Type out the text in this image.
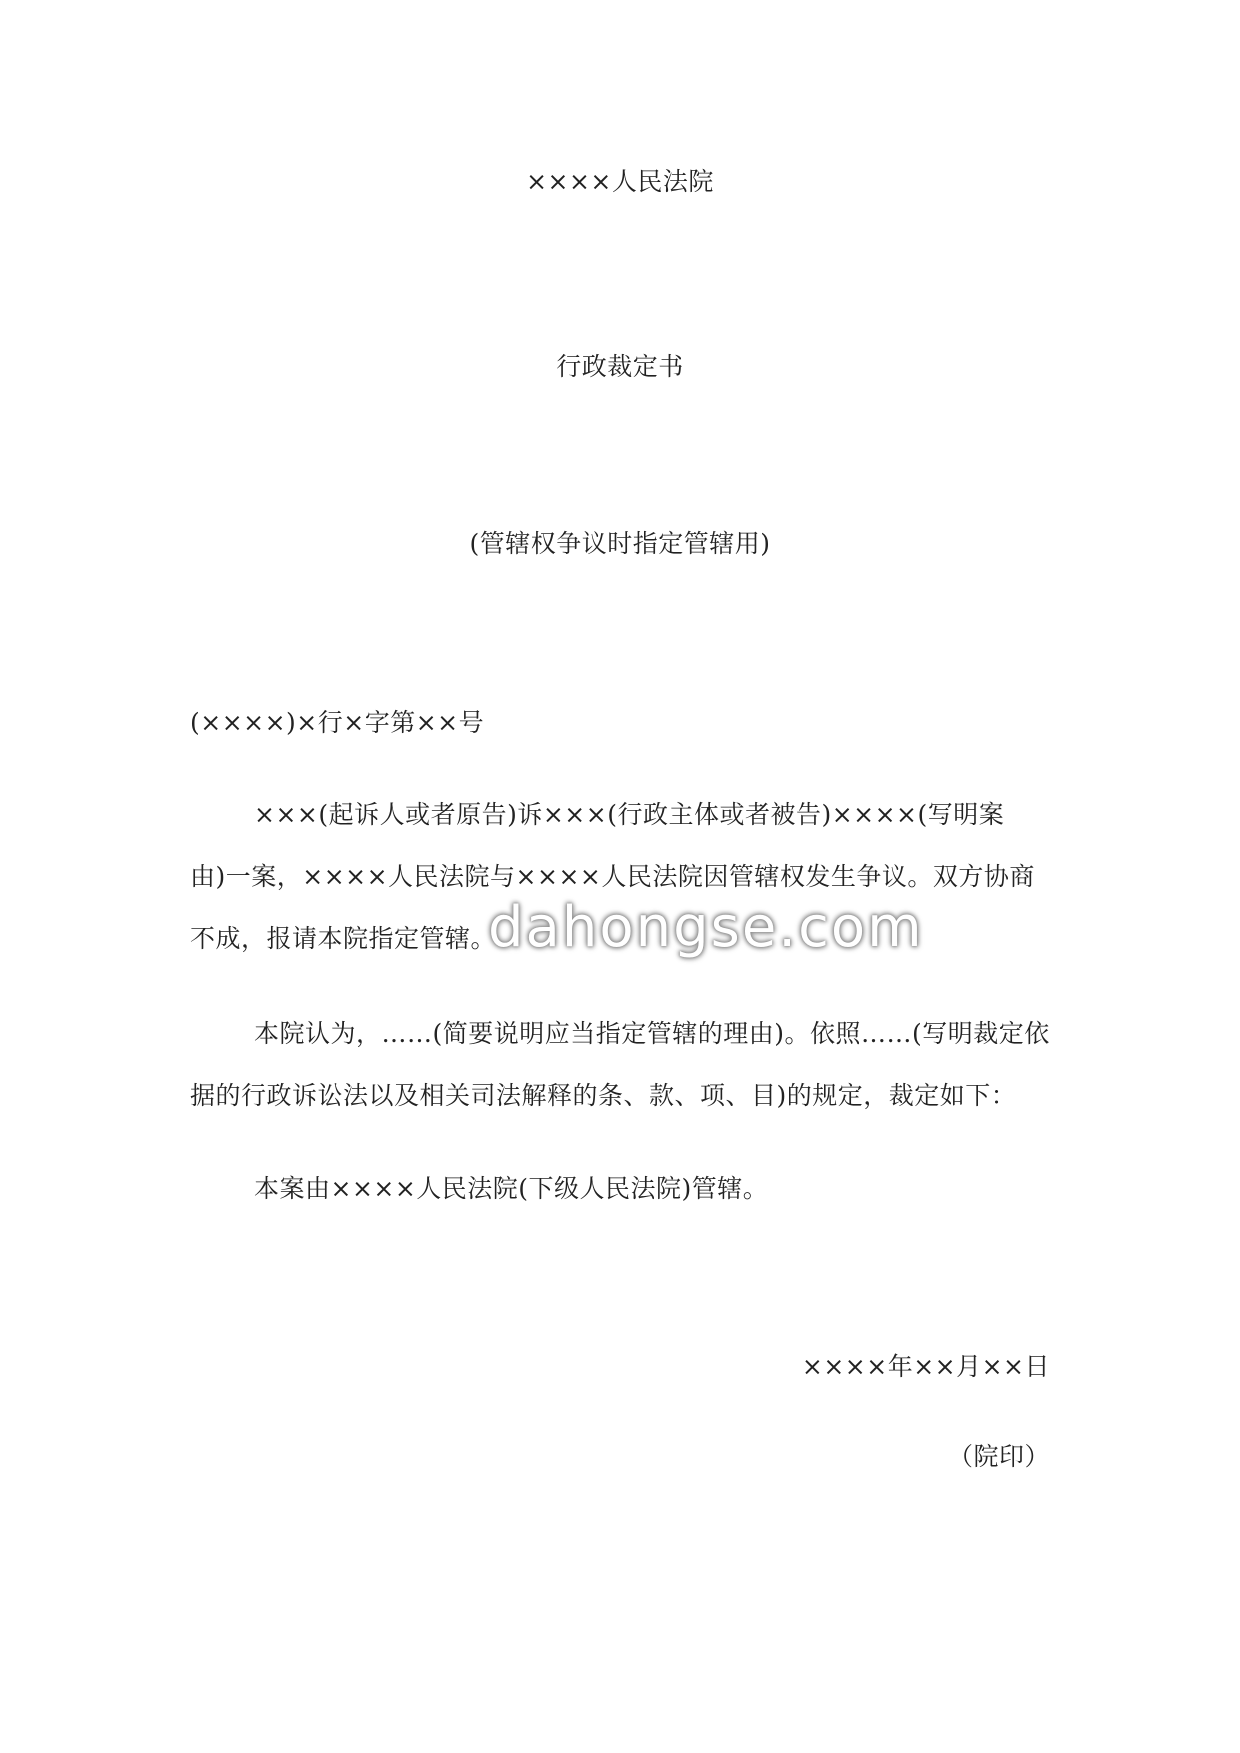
××××人民法院
行政裁定书
(管辖权争议时指定管辖用)
(××××)×行×字第××号
×××(起诉人或者原告)诉×××(行政主体或者被告)××××(写明案
由)一案，××××人民法院与××××人民法院因管辖权发生争议。双方协商
不成，报请本院指定管辖。
本院认为，……(简要说明应当指定管辖的理由)。依照……(写明裁定依
据的行政诉讼法以及相关司法解释的条、款、项、目)的规定，裁定如下：
本案由××××人民法院(下级人民法院)管辖。
××××年××月××日
（院印）
dahongse.com
